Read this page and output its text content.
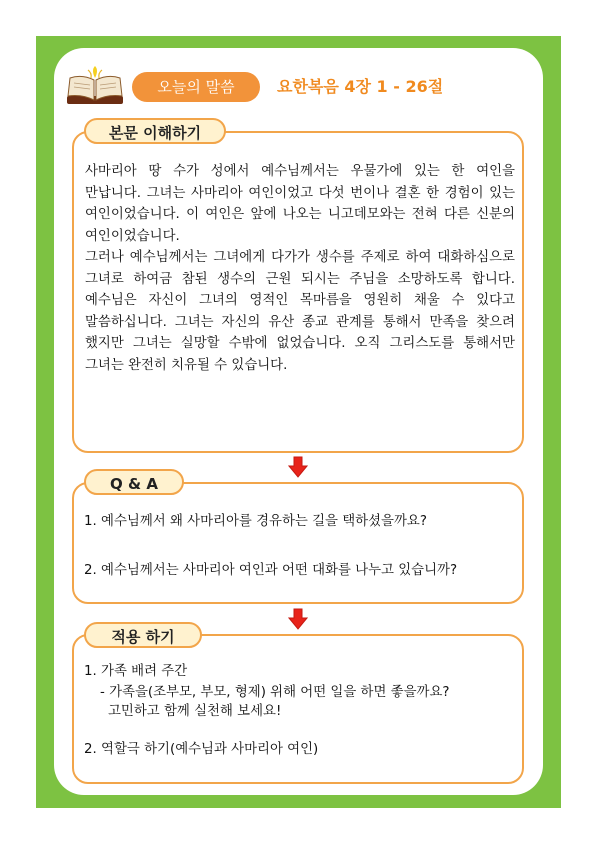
오늘의 말씀	요한복음 4장 1 - 26절
본문 이해하기

사마리아 땅 수가 성에서 예수님께서는 우물가에 있는 한 여인을 만납니다. 그녀는 사마리아 여인이었고 다섯 번이나 결혼 한 경험이 있는 여인이었습니다. 이 여인은 앞에 나오는 니고데모와는 전혀 다른 신분의 여인이었습니다.

그러나 예수님께서는 그녀에게 다가가 생수를 주제로 하여 대화하심으로 그녀로 하여금 참된 생수의 근원 되시는 주님을 소망하도록 합니다. 예수님은 자신이 그녀의 영적인 목마름을 영원히 채울 수 있다고 말씀하십니다. 그녀는 자신의 유산 종교 관계를 통해서 만족을 찾으려 했지만 그녀는 실망할 수밖에 없었습니다. 오직 그리스도를 통해서만 그녀는 완전히 치유될 수 있습니다.

Q & A
1. 예수님께서 왜 사마리아를 경유하는 길을 택하셨을까요?
2. 예수님께서는 사마리아 여인과 어떤 대화를 나누고 있습니까?
적용 하기
1. 가족 배려 주간
- 가족을(조부모, 부모, 형제) 위해 어떤 일을 하면 좋을까요?
고민하고 함께 실천해 보세요!
2. 역할극 하기(예수님과 사마리아 여인)
